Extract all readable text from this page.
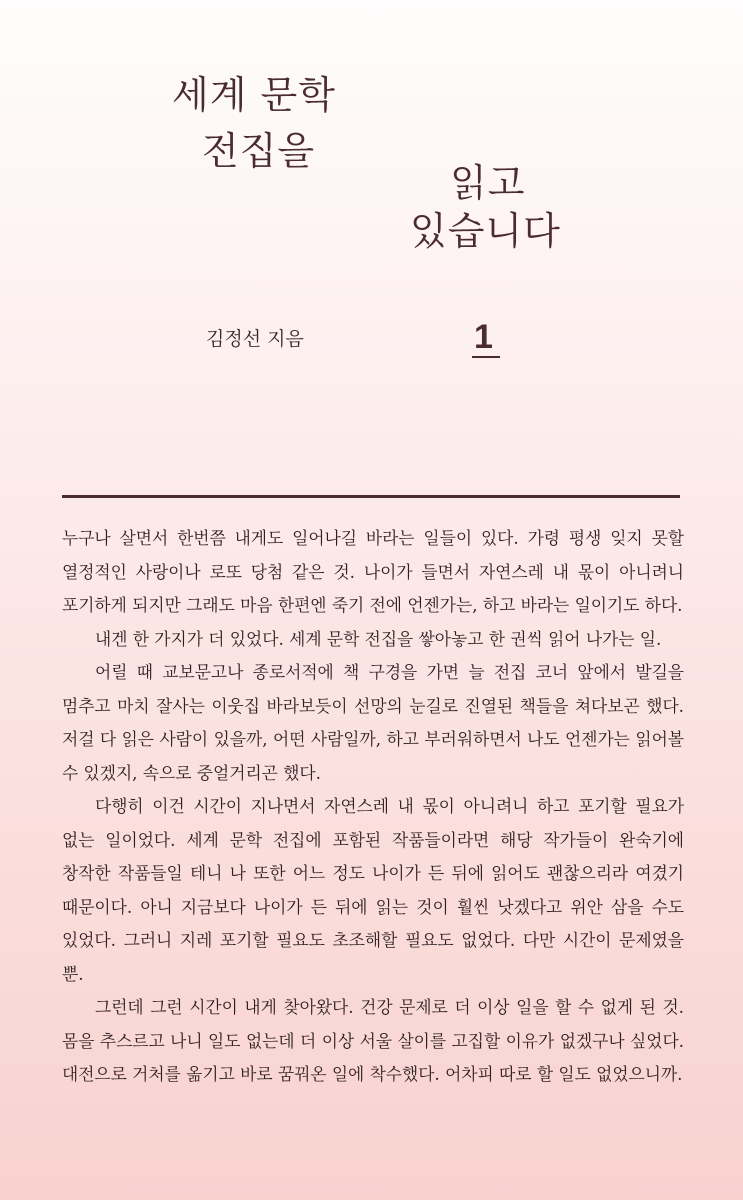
세계 문학
전집을
읽고
있습니다
김정선 지음	1

누구나 살면서 한번쯤 내게도 일어나길 바라는 일들이 있다. 가령 평생 잊지 못할 열정적인 사랑이나 로또 당첨 같은 것. 나이가 들면서 자연스레 내 몫이 아니려니 포기하게 되지만 그래도 마음 한편엔 죽기 전에 언젠가는, 하고 바라는 일이기도 하다.

내겐 한 가지가 더 있었다. 세계 문학 전집을 쌓아놓고 한 권씩 읽어 나가는 일.

어릴 때 교보문고나 종로서적에 책 구경을 가면 늘 전집 코너 앞에서 발길을 멈추고 마치 잘사는 이웃집 바라보듯이 선망의 눈길로 진열된 책들을 쳐다보곤 했다. 저걸 다 읽은 사람이 있을까, 어떤 사람일까, 하고 부러워하면서 나도 언젠가는 읽어볼 수 있겠지, 속으로 중얼거리곤 했다.

다행히 이건 시간이 지나면서 자연스레 내 몫이 아니려니 하고 포기할 필요가 없는 일이었다. 세계 문학 전집에 포함된 작품들이라면 해당 작가들이 완숙기에 창작한 작품들일 테니 나 또한 어느 정도 나이가 든 뒤에 읽어도 괜찮으리라 여겼기 때문이다. 아니 지금보다 나이가 든 뒤에 읽는 것이 훨씬 낫겠다고 위안 삼을 수도 있었다. 그러니 지레 포기할 필요도 초조해할 필요도 없었다. 다만 시간이 문제였을 뿐.

그런데 그런 시간이 내게 찾아왔다. 건강 문제로 더 이상 일을 할 수 없게 된 것. 몸을 추스르고 나니 일도 없는데 더 이상 서울 살이를 고집할 이유가 없겠구나 싶었다. 대전으로 거처를 옮기고 바로 꿈꿔온 일에 착수했다. 어차피 따로 할 일도 없었으니까.
